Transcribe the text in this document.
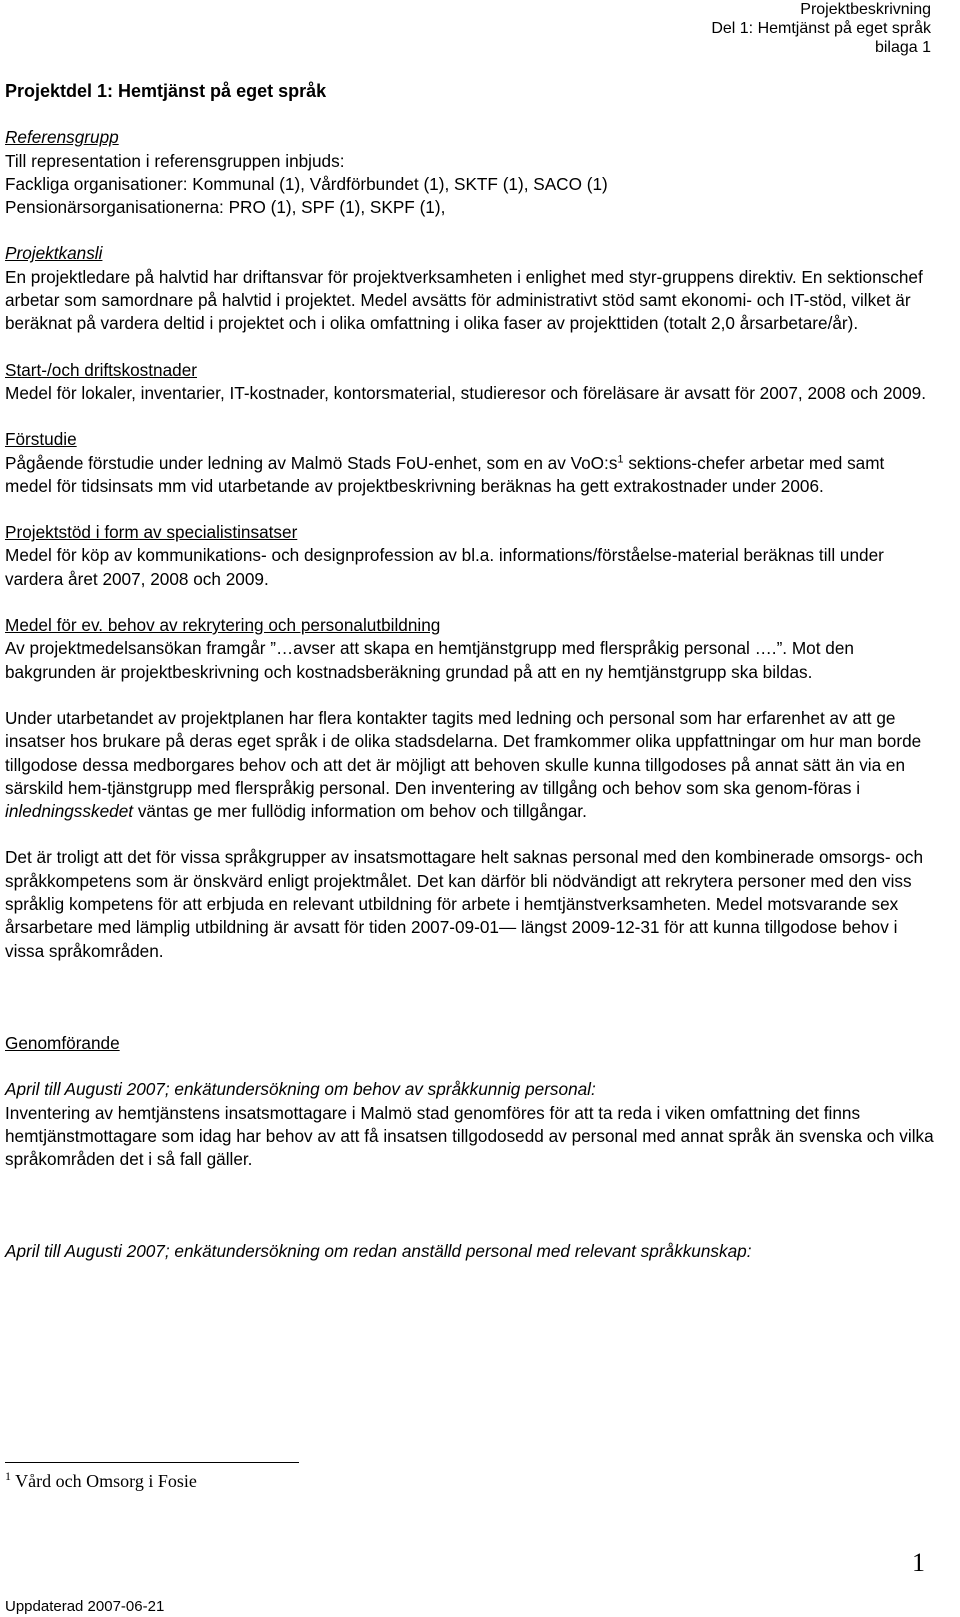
Projektbeskrivning
Del 1: Hemtjänst på eget språk
bilaga 1
Projektdel 1: Hemtjänst på eget språk
Referensgrupp
Till representation i referensgruppen inbjuds:
Fackliga organisationer: Kommunal (1), Vårdförbundet (1), SKTF (1), SACO (1)
Pensionärsorganisationerna: PRO (1), SPF (1), SKPF (1),
Projektkansli

En projektledare på halvtid har driftansvar för projektverksamheten i enlighet med styr-gruppens direktiv. En sektionschef arbetar som samordnare på halvtid i projektet. Medel avsätts för administrativt stöd samt ekonomi- och IT-stöd, vilket är beräknat på vardera deltid i projektet och i olika omfattning i olika faser av projekttiden (totalt 2,0 årsarbetare/år).

Start-/och driftskostnader

Medel för lokaler, inventarier, IT-kostnader, kontorsmaterial, studieresor och föreläsare är avsatt för 2007, 2008 och 2009.

Förstudie

Pågående förstudie under ledning av Malmö Stads FoU-enhet, som en av $VoO:s^1$ sektions-chefer arbetar med samt medel för tidsinsats mm vid utarbetande av projektbeskrivning beräknas ha gett extrakostnader under 2006.

Projektstöd i form av specialistinsatser

Medel för köp av kommunikations- och designprofession av bl.a. informations/förståelse-material beräknas till under vardera året 2007, 2008 och 2009.

Medel för ev. behov av rekrytering och personalutbildning

Av projektmedelsansökan framgår ”…avser att skapa en hemtjänstgrupp med flerspråkig personal ….”. Mot den bakgrunden är projektbeskrivning och kostnadsberäkning grundad på att en ny hemtjänstgrupp ska bildas.

Under utarbetandet av projektplanen har flera kontakter tagits med ledning och personal som har erfarenhet av att ge insatser hos brukare på deras eget språk i de olika stadsdelarna. Det framkommer olika uppfattningar om hur man borde tillgodose dessa medborgares behov och att det är möjligt att behoven skulle kunna tillgodoses på annat sätt än via en särskild hem-tjänstgrupp med flerspråkig personal. Den inventering av tillgång och behov som ska genom-föras i inledningsskedet väntas ge mer fullödig information om behov och tillgångar.

Det är troligt att det för vissa språkgrupper av insatsmottagare helt saknas personal med den kombinerade omsorgs- och språkkompetens som är önskvärd enligt projektmålet. Det kan därför bli nödvändigt att rekrytera personer med den viss språklig kompetens för att erbjuda en relevant utbildning för arbete i hemtjänstverksamheten. Medel motsvarande sex årsarbetare med lämplig utbildning är avsatt för tiden 2007-09-01— längst 2009-12-31 för att kunna tillgodose behov i vissa språkområden.

Genomförande
April till Augusti 2007; enkätundersökning om behov av språkkunnig personal:

Inventering av hemtjänstens insatsmottagare i Malmö stad genomföres för att ta reda i viken omfattning det finns hemtjänstmottagare som idag har behov av att få insatsen tillgodosedd av personal med annat språk än svenska och vilka språkområden det i så fall gäller.

April till Augusti 2007; enkätundersökning om redan anställd personal med relevant språkkunskap:
$^1$ Vård och Omsorg i Fosie
1
Uppdaterad 2007-06-21
